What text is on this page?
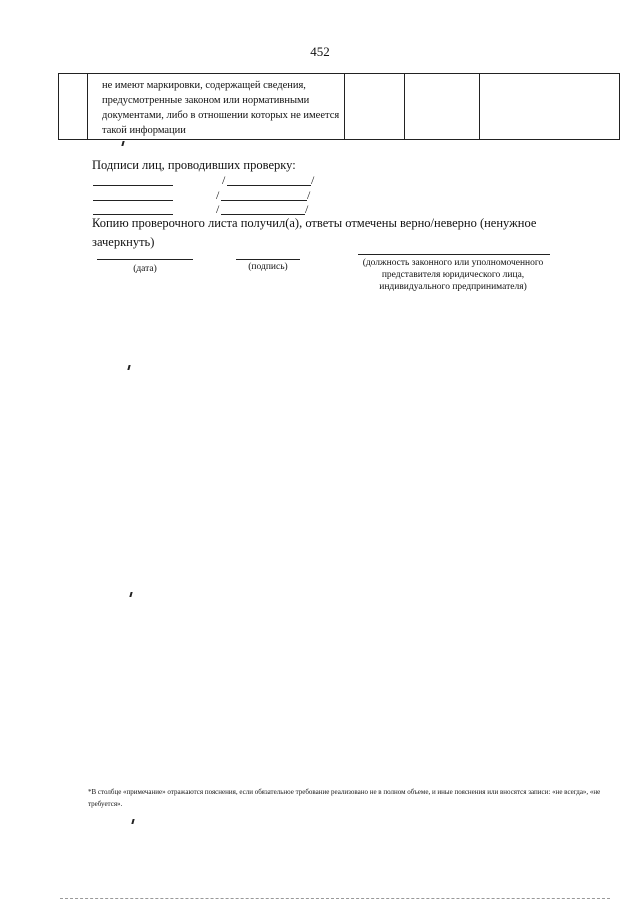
452
не имеют маркировки, содержащей сведения, предусмотренные законом или нормативными документами, либо в отношении которых не имеется такой информации
Подписи лиц, проводивших проверку:
/	/
/	/
/	/
Копию проверочного листа получил(а), ответы отмечены верно/неверно (ненужное зачеркнуть)
(дата)	(подпись)	(должность законного или уполномоченного представителя юридического лица, индивидуального предпринимателя)
*В столбце «примечание» отражаются пояснения, если обязательное требование реализовано не в полном объеме, и иные пояснения или вносятся записи: «не всегда», «не требуется».
